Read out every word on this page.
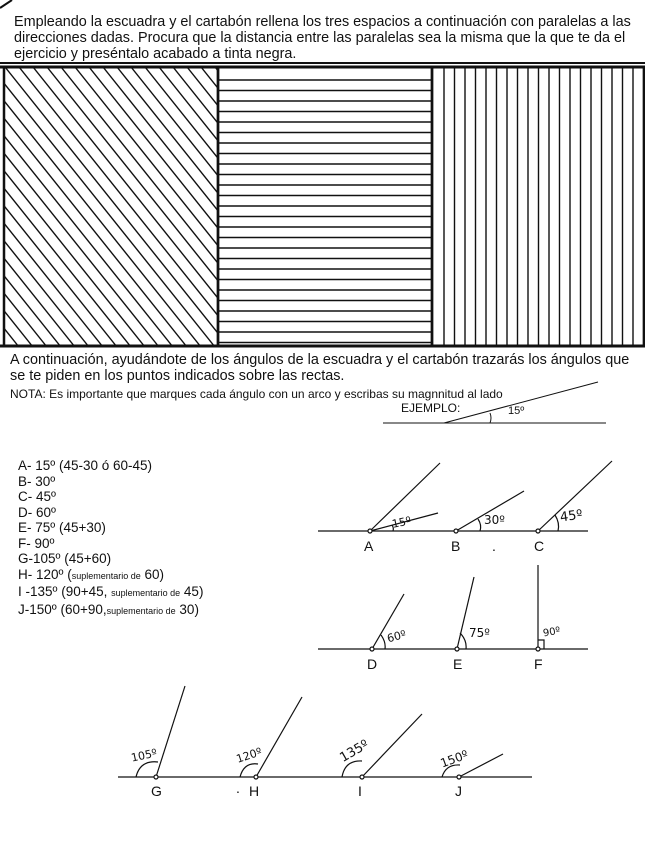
Empleando la escuadra y el cartabón rellena los tres espacios a continuación con paralelas a las direcciones dadas. Procura que la distancia entre las paralelas sea la misma que la que te da el ejercicio y preséntalo acabado a tinta negra.
A continuación, ayudándote de los ángulos de la escuadra y el cartabón trazarás los ángulos que se te piden en los puntos indicados sobre las rectas.
NOTA: Es importante que marques cada ángulo con un arco y escribas su magnnitud al lado
EJEMPLO:	15º
A- 15º (45-30 ó 60-45)
B- 30º
C- 45º
D- 60º
E- 75º (45+30)
F- 90º
G-105º (45+60)
H- 120º (suplementario de 60)
I -135º (90+45, suplementario de 45)
J-150º (60+90,suplementario de 30)
A	B	C
D	E	F
G	H	I	J
.
.
15º	30º	45º
60º	75º	90º
105º	120º	135º	150º
